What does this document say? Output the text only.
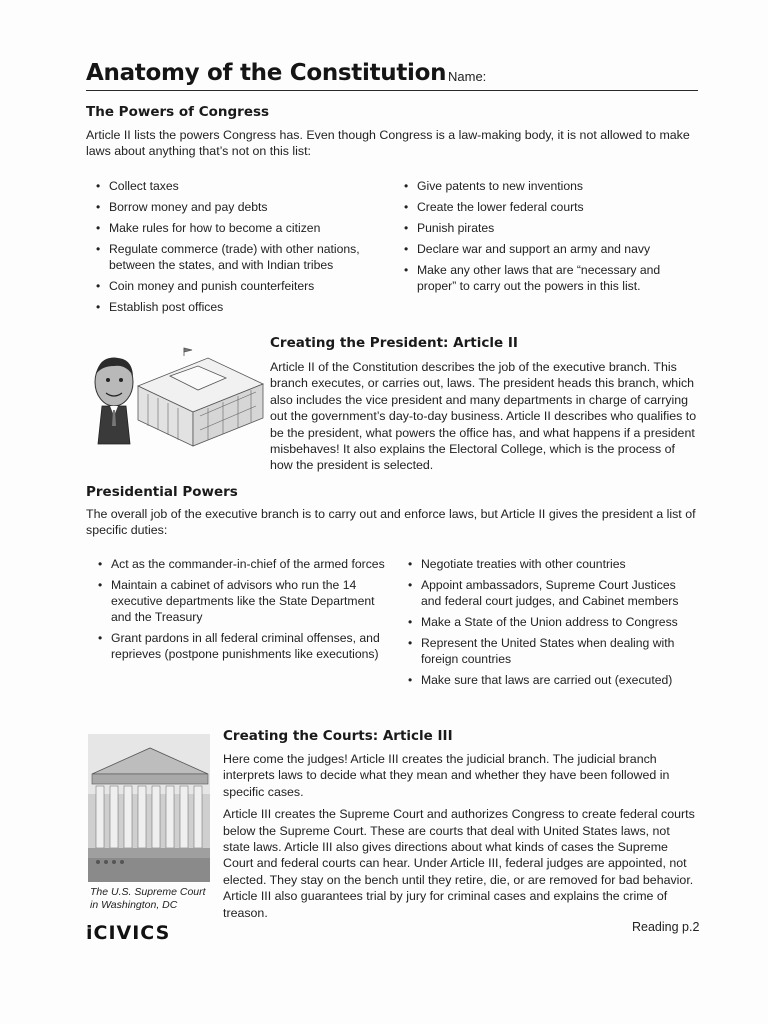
Anatomy of the Constitution Name:
The Powers of Congress
Article II lists the powers Congress has. Even though Congress is a law-making body, it is not allowed to make laws about anything that’s not on this list:
• Collect taxes
• Borrow money and pay debts
• Make rules for how to become a citizen
• Regulate commerce (trade) with other nations, between the states, and with Indian tribes
• Coin money and punish counterfeiters
• Establish post offices
• Give patents to new inventions
• Create the lower federal courts
• Punish pirates
• Declare war and support an army and navy
• Make any other laws that are “necessary and proper” to carry out the powers in this list.
Creating the President: Article II
Article II of the Constitution describes the job of the executive branch. This branch executes, or carries out, laws. The president heads this branch, which also includes the vice president and many departments in charge of carrying out the government’s day-to-day business. Article II describes who qualifies to be the president, what powers the office has, and what happens if a president misbehaves! It also explains the Electoral College, which is the process of how the president is selected.
Presidential Powers
The overall job of the executive branch is to carry out and enforce laws, but Article II gives the president a list of specific duties:
• Act as the commander-in-chief of the armed forces
• Maintain a cabinet of advisors who run the 14 executive departments like the State Department and the Treasury
• Grant pardons in all federal criminal offenses, and reprieves (postpone punishments like executions)
• Negotiate treaties with other countries
• Appoint ambassadors, Supreme Court Justices and federal court judges, and Cabinet members
• Make a State of the Union address to Congress
• Represent the United States when dealing with foreign countries
• Make sure that laws are carried out (executed)
The U.S. Supreme Court in Washington, DC
Creating the Courts: Article III

Here come the judges! Article III creates the judicial branch. The judicial branch interprets laws to decide what they mean and whether they have been followed in specific cases.

Article III creates the Supreme Court and authorizes Congress to create federal courts below the Supreme Court. These are courts that deal with United States laws, not state laws. Article III also gives directions about what kinds of cases the Supreme Court and federal courts can hear. Under Article III, federal judges are appointed, not elected. They stay on the bench until they retire, die, or are removed for bad behavior. Article III also guarantees trial by jury for criminal cases and explains the crime of treason.

iCIVICS	Reading p.2
